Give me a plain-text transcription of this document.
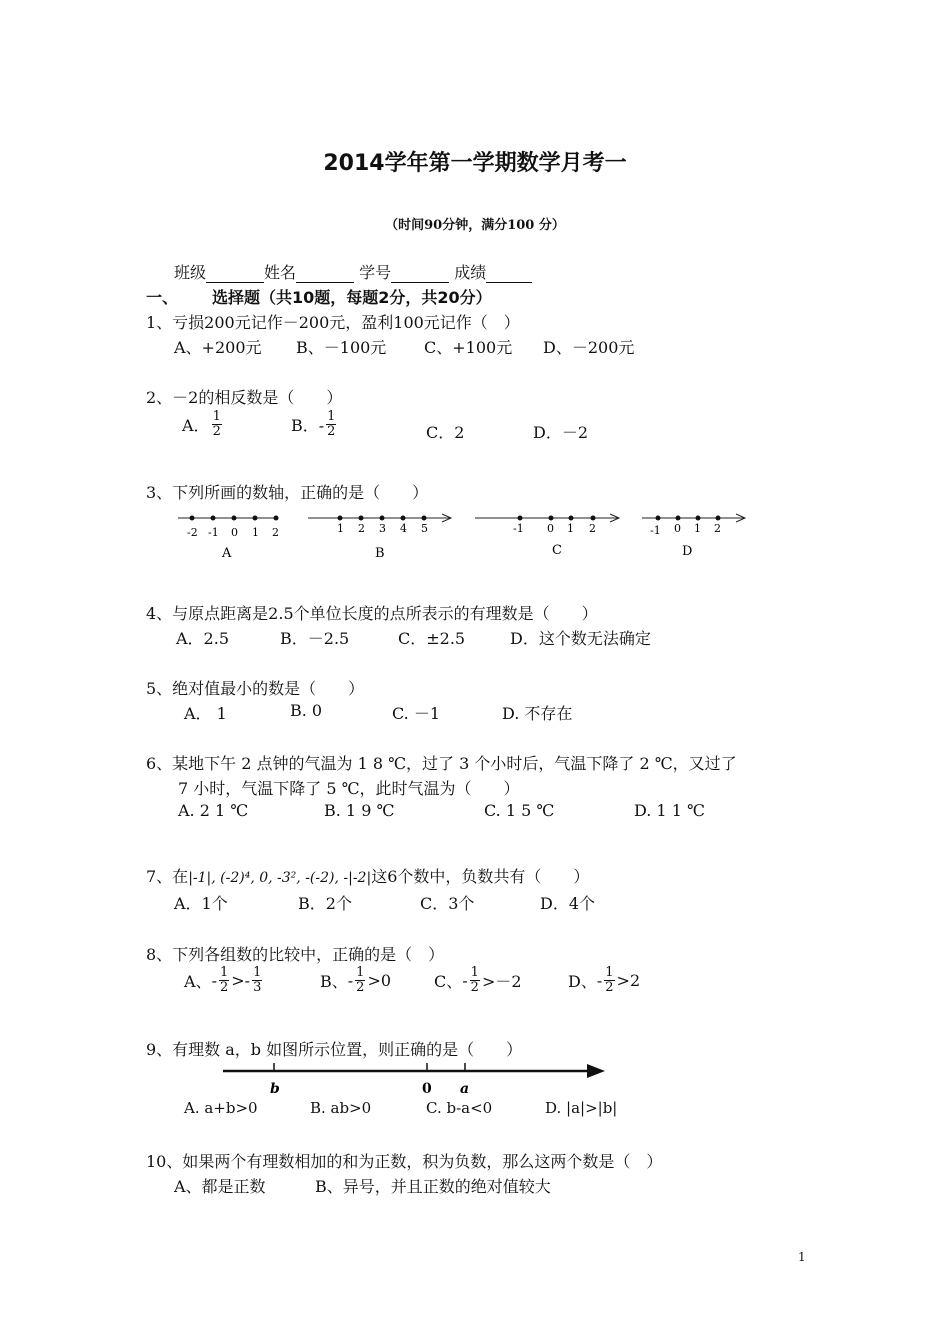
2014学年第一学期数学月考一
（时间90分钟，满分100 分）
班级	姓名	学号	成绩
一、 选择题（共10题，每题2分，共20分）
1、亏损200元记作－200元，盈利100元记作（　）
A、+200元 B、－100元 C、+100元 D、－200元
2、－2的相反数是（　　）
A． $\frac{1}{2}$	B．- $\frac{1}{2}$	C．2	D．－2
3、下列所画的数轴，正确的是（　　）
-2 -1 0 1 2
A
1 2 3 4 5
B
-1 0 1 2
C
-1 0 1 2
D
4、与原点距离是2.5个单位长度的点所表示的有理数是（　　）
A．2.5	B．－2.5	C．±2.5	D．这个数无法确定
5、绝对值最小的数是（　　）
A． 1	B. 0	C. －1	D. 不存在
6、某地下午 2 点钟的气温为 1 8 ℃，过了 3 个小时后，气温下降了 2 ℃，又过了
7 小时，气温下降了 5 ℃，此时气温为（　　）
A. 2 1 ℃	B. 1 9 ℃	C. 1 5 ℃	D. 1 1 ℃
7、在|-1|, (-2)⁴, 0, -3², -(-2), -|-2|这6个数中，负数共有（　　）
A．1个	B．2个	C．3个	D．4个
8、下列各组数的比较中，正确的是（　）
A、- $\frac{1}{2} >- \frac{1}{3}$	B、- $\frac{1}{2} >0$	C、- $\frac{1}{2} >-2$	D、- $\frac{1}{2} >2$
9、有理数 a，b 如图所示位置，则正确的是（　　）
b	0 a
A. a+b>0	B. ab>0	C. b-a<0	D. |a|>|b|
10、如果两个有理数相加的和为正数，积为负数，那么这两个数是（　）
A、都是正数	B、异号，并且正数的绝对值较大
1
